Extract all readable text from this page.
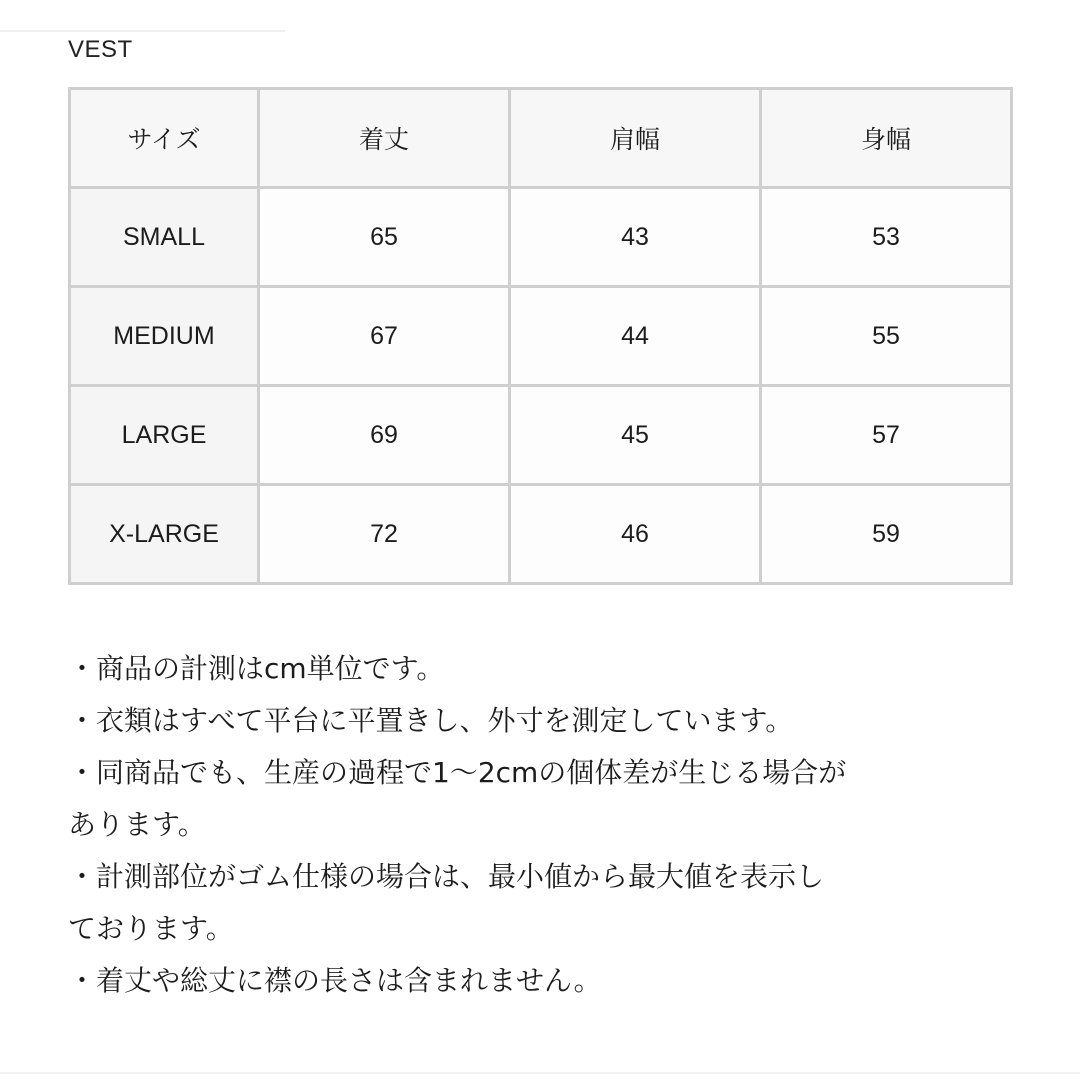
VEST
サイズ	着丈	肩幅	身幅
SMALL	65	43	53
MEDIUM	67	44	55
LARGE	69	45	57
X-LARGE	72	46	59
・商品の計測はcm単位です。
・衣類はすべて平台に平置きし、外寸を測定しています。
・同商品でも、生産の過程で1〜2cmの個体差が生じる場合が
あります。
・計測部位がゴム仕様の場合は、最小値から最大値を表示し
ております。
・着丈や総丈に襟の長さは含まれません。
